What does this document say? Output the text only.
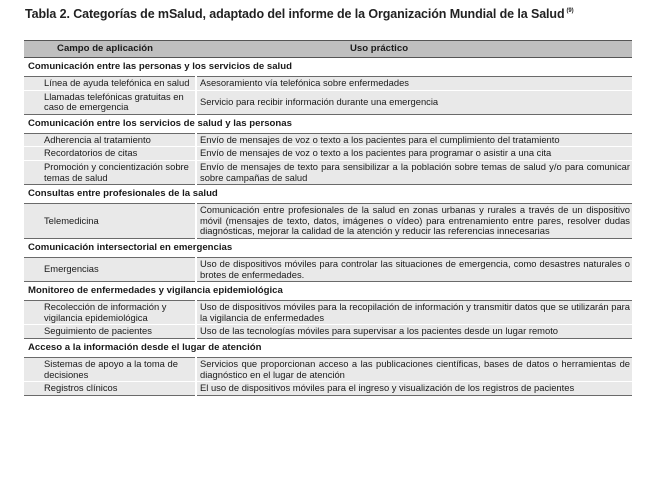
Tabla 2. Categorías de mSalud, adaptado del informe de la Organización Mundial de la Salud $^{(9)}$
Campo de aplicación	Uso práctico
Comunicación entre las personas y los servicios de salud	
Línea de ayuda telefónica en salud	Asesoramiento vía telefónica sobre enfermedades
Llamadas telefónicas gratuitas en caso de emergencia	Servicio para recibir información durante una emergencia
Comunicación entre los servicios de salud y las personas	
Adherencia al tratamiento	Envío de mensajes de voz o texto a los pacientes para el cumplimiento del tratamiento
Recordatorios de citas	Envío de mensajes de voz o texto a los pacientes para programar o asistir a una cita
Promoción y concientización sobre temas de salud	Envío de mensajes de texto para sensibilizar a la población sobre temas de salud y/o para comunicar sobre campañas de salud
Consultas entre profesionales de la salud	
Telemedicina	Comunicación entre profesionales de la salud en zonas urbanas y rurales a través de un dispositivo móvil (mensajes de texto, datos, imágenes o vídeo) para entrenamiento entre pares, resolver dudas diagnósticas, mejorar la calidad de la atención y reducir las referencias innecesarias
Comunicación intersectorial en emergencias	
Emergencias	Uso de dispositivos móviles para controlar las situaciones de emergencia, como desastres naturales o brotes de enfermedades.
Monitoreo de enfermedades y vigilancia epidemiológica	
Recolección de información y vigilancia epidemiológica	Uso de dispositivos móviles para la recopilación de información y transmitir datos que se utilizarán para la vigilancia de enfermedades
Seguimiento de pacientes	Uso de las tecnologías móviles para supervisar a los pacientes desde un lugar remoto
Acceso a la información desde el lugar de atención	
Sistemas de apoyo a la toma de decisiones	Servicios que proporcionan acceso a las publicaciones científicas, bases de datos o herramientas de diagnóstico en el lugar de atención
Registros clínicos	El uso de dispositivos móviles para el ingreso y visualización de los registros de pacientes
